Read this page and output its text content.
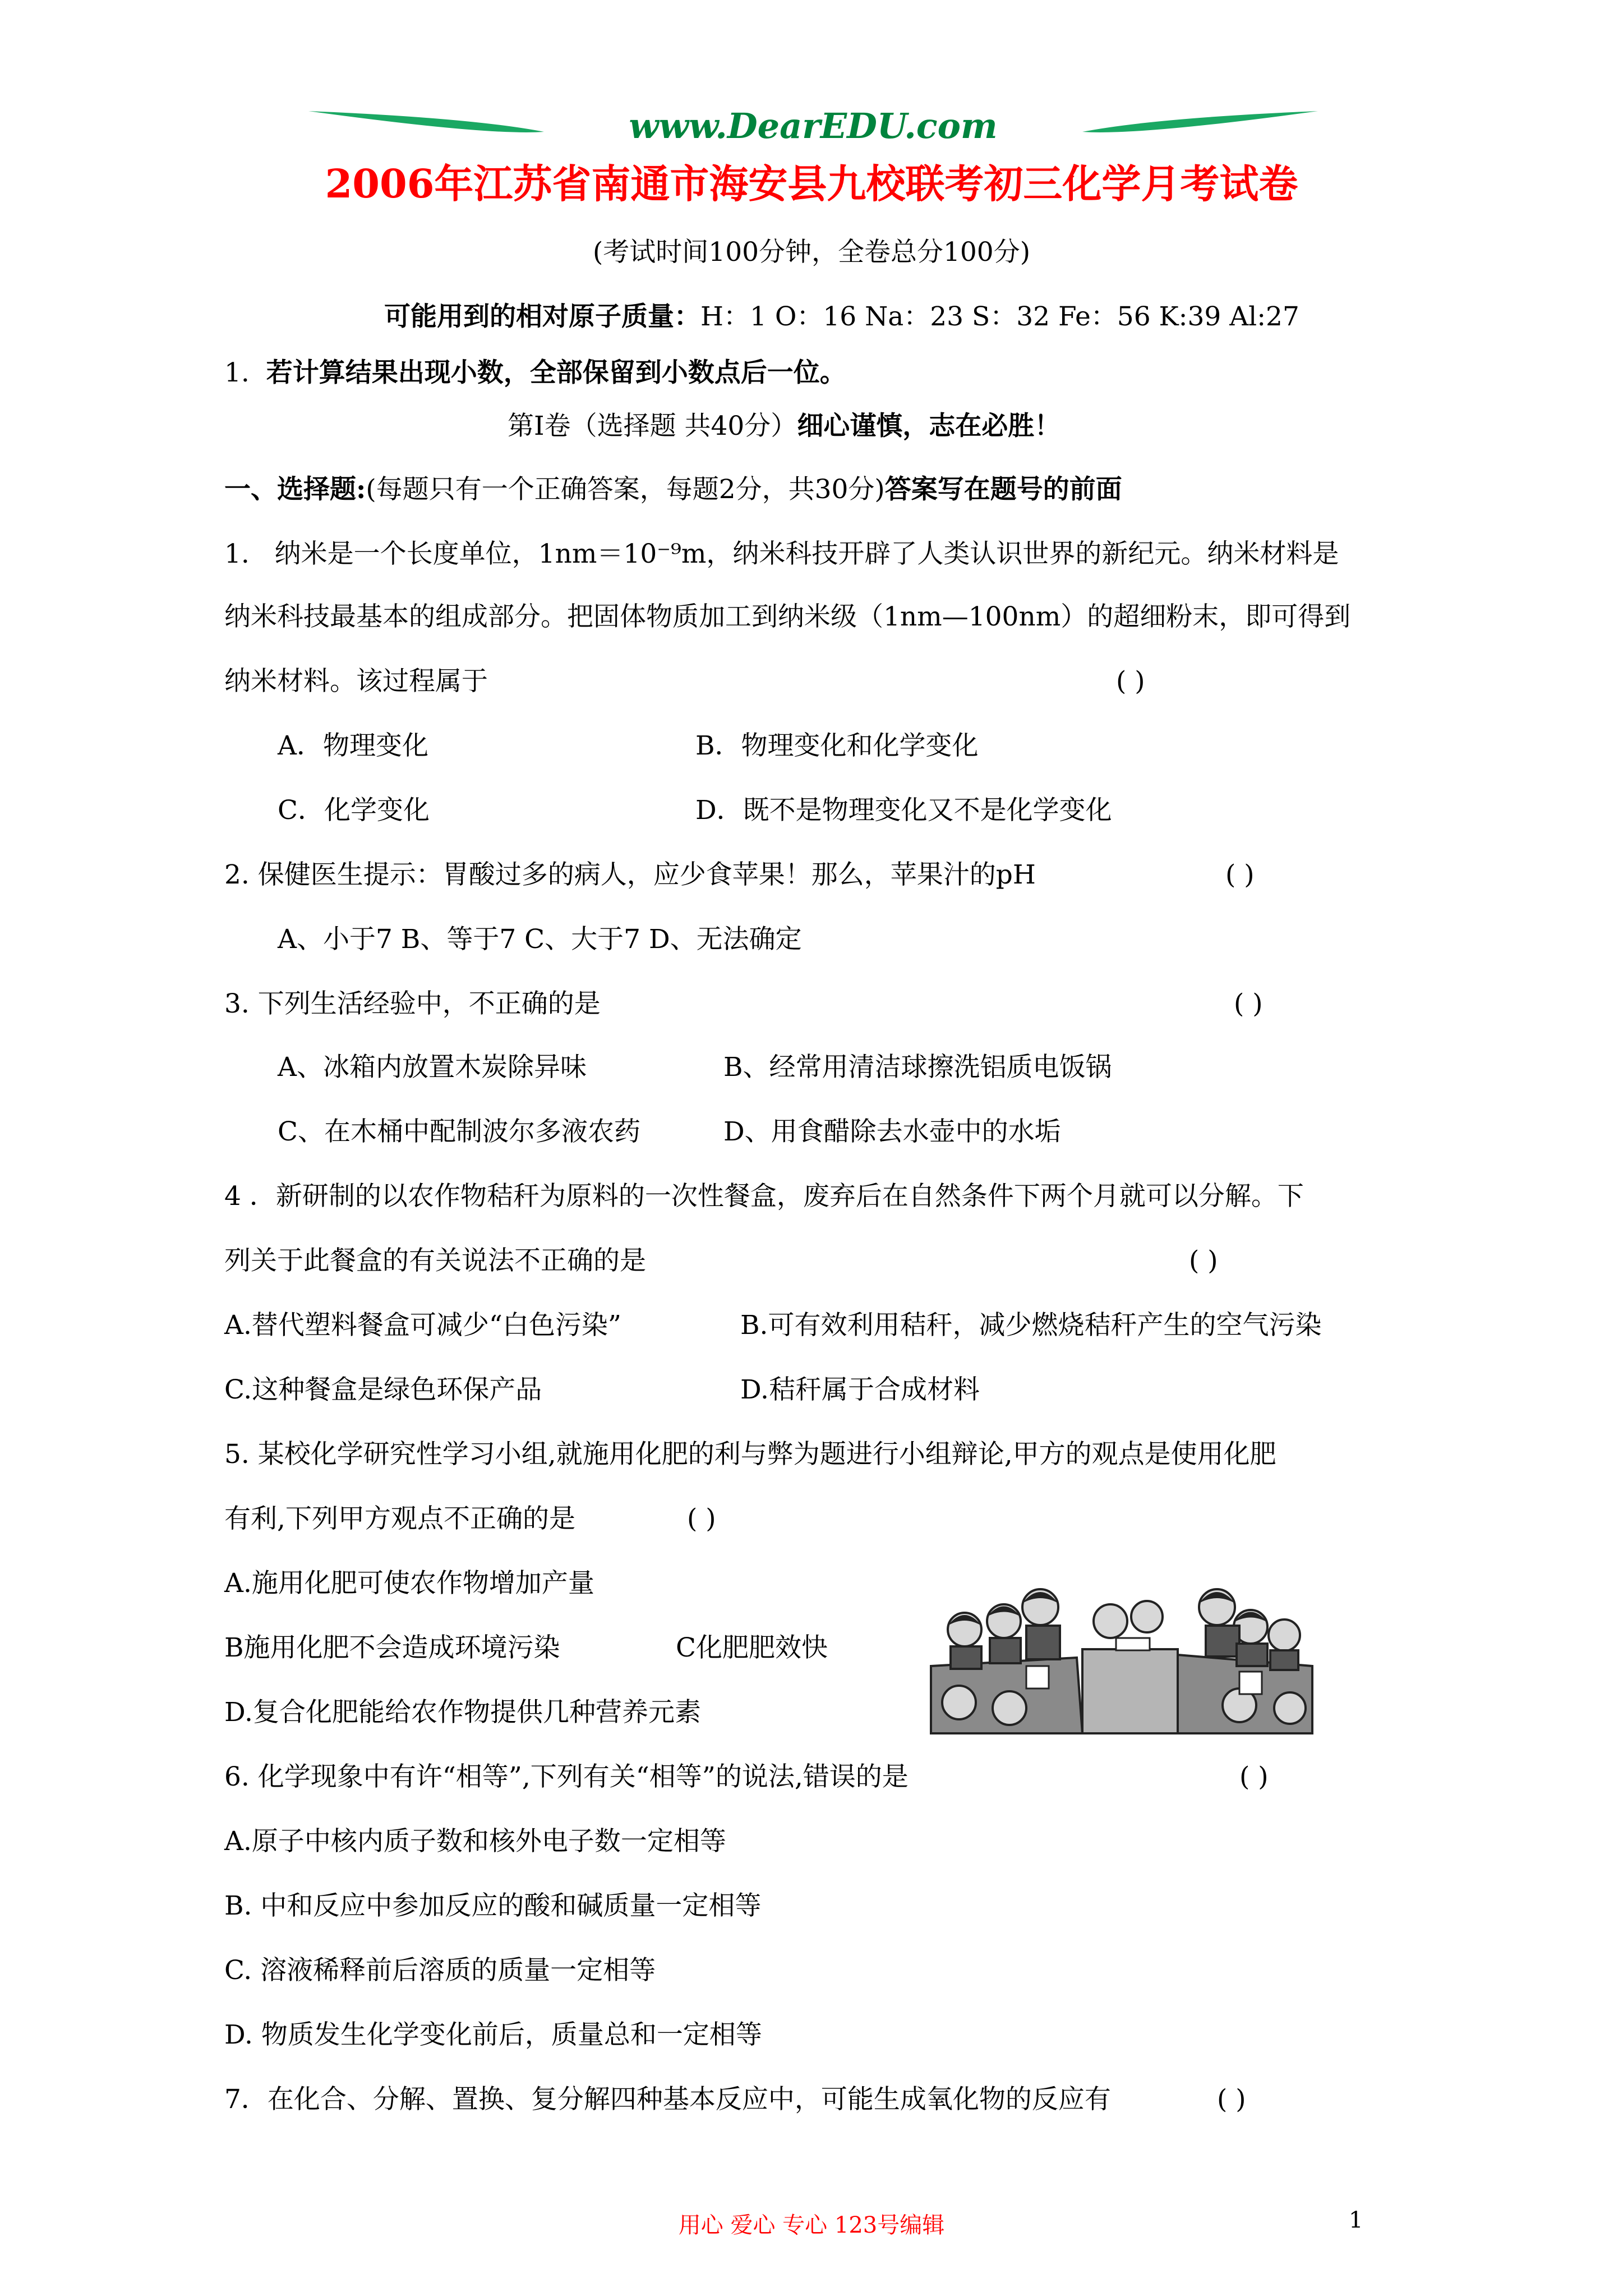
www.DearEDU.com
2006年江苏省南通市海安县九校联考初三化学月考试卷
(考试时间100分钟，全卷总分100分)
可能用到的相对原子质量：H：1 O：16 Na：23 S：32 Fe：56 K:39 Al:27
1. 若计算结果出现小数，全部保留到小数点后一位。
第Ⅰ卷（选择题 共40分）细心谨慎，志在必胜！
一、选择题:(每题只有一个正确答案，每题2分，共30分)答案写在题号的前面
1. 纳米是一个长度单位，1nm＝10⁻⁹m，纳米科技开辟了人类认识世界的新纪元。纳米材料是
纳米科技最基本的组成部分。把固体物质加工到纳米级（1nm—100nm）的超细粉末，即可得到
纳米材料。该过程属于	( )
A．物理变化	B．物理变化和化学变化
C．化学变化	D．既不是物理变化又不是化学变化
2. 保健医生提示：胃酸过多的病人，应少食苹果！那么，苹果汁的pH	( )
A、小于7 B、等于7 C、大于7 D、无法确定
3. 下列生活经验中，不正确的是	( )
A、冰箱内放置木炭除异味	B、经常用清洁球擦洗铝质电饭锅
C、在木桶中配制波尔多液农药	D、用食醋除去水壶中的水垢
4 ．新研制的以农作物秸秆为原料的一次性餐盒，废弃后在自然条件下两个月就可以分解。下
列关于此餐盒的有关说法不正确的是	( )
A.替代塑料餐盒可减少“白色污染”	B.可有效利用秸秆，减少燃烧秸秆产生的空气污染
C.这种餐盒是绿色环保产品	D.秸秆属于合成材料
5. 某校化学研究性学习小组,就施用化肥的利与弊为题进行小组辩论,甲方的观点是使用化肥
有利,下列甲方观点不正确的是	( )
A.施用化肥可使农作物增加产量
B施用化肥不会造成环境污染	C化肥肥效快
D.复合化肥能给农作物提供几种营养元素
6. 化学现象中有许“相等”,下列有关“相等”的说法,错误的是	( )
A.原子中核内质子数和核外电子数一定相等
B. 中和反应中参加反应的酸和碱质量一定相等
C. 溶液稀释前后溶质的质量一定相等
D. 物质发生化学变化前后，质量总和一定相等
7．在化合、分解、置换、复分解四种基本反应中，可能生成氧化物的反应有	( )
用心 爱心 专心 123号编辑	1
